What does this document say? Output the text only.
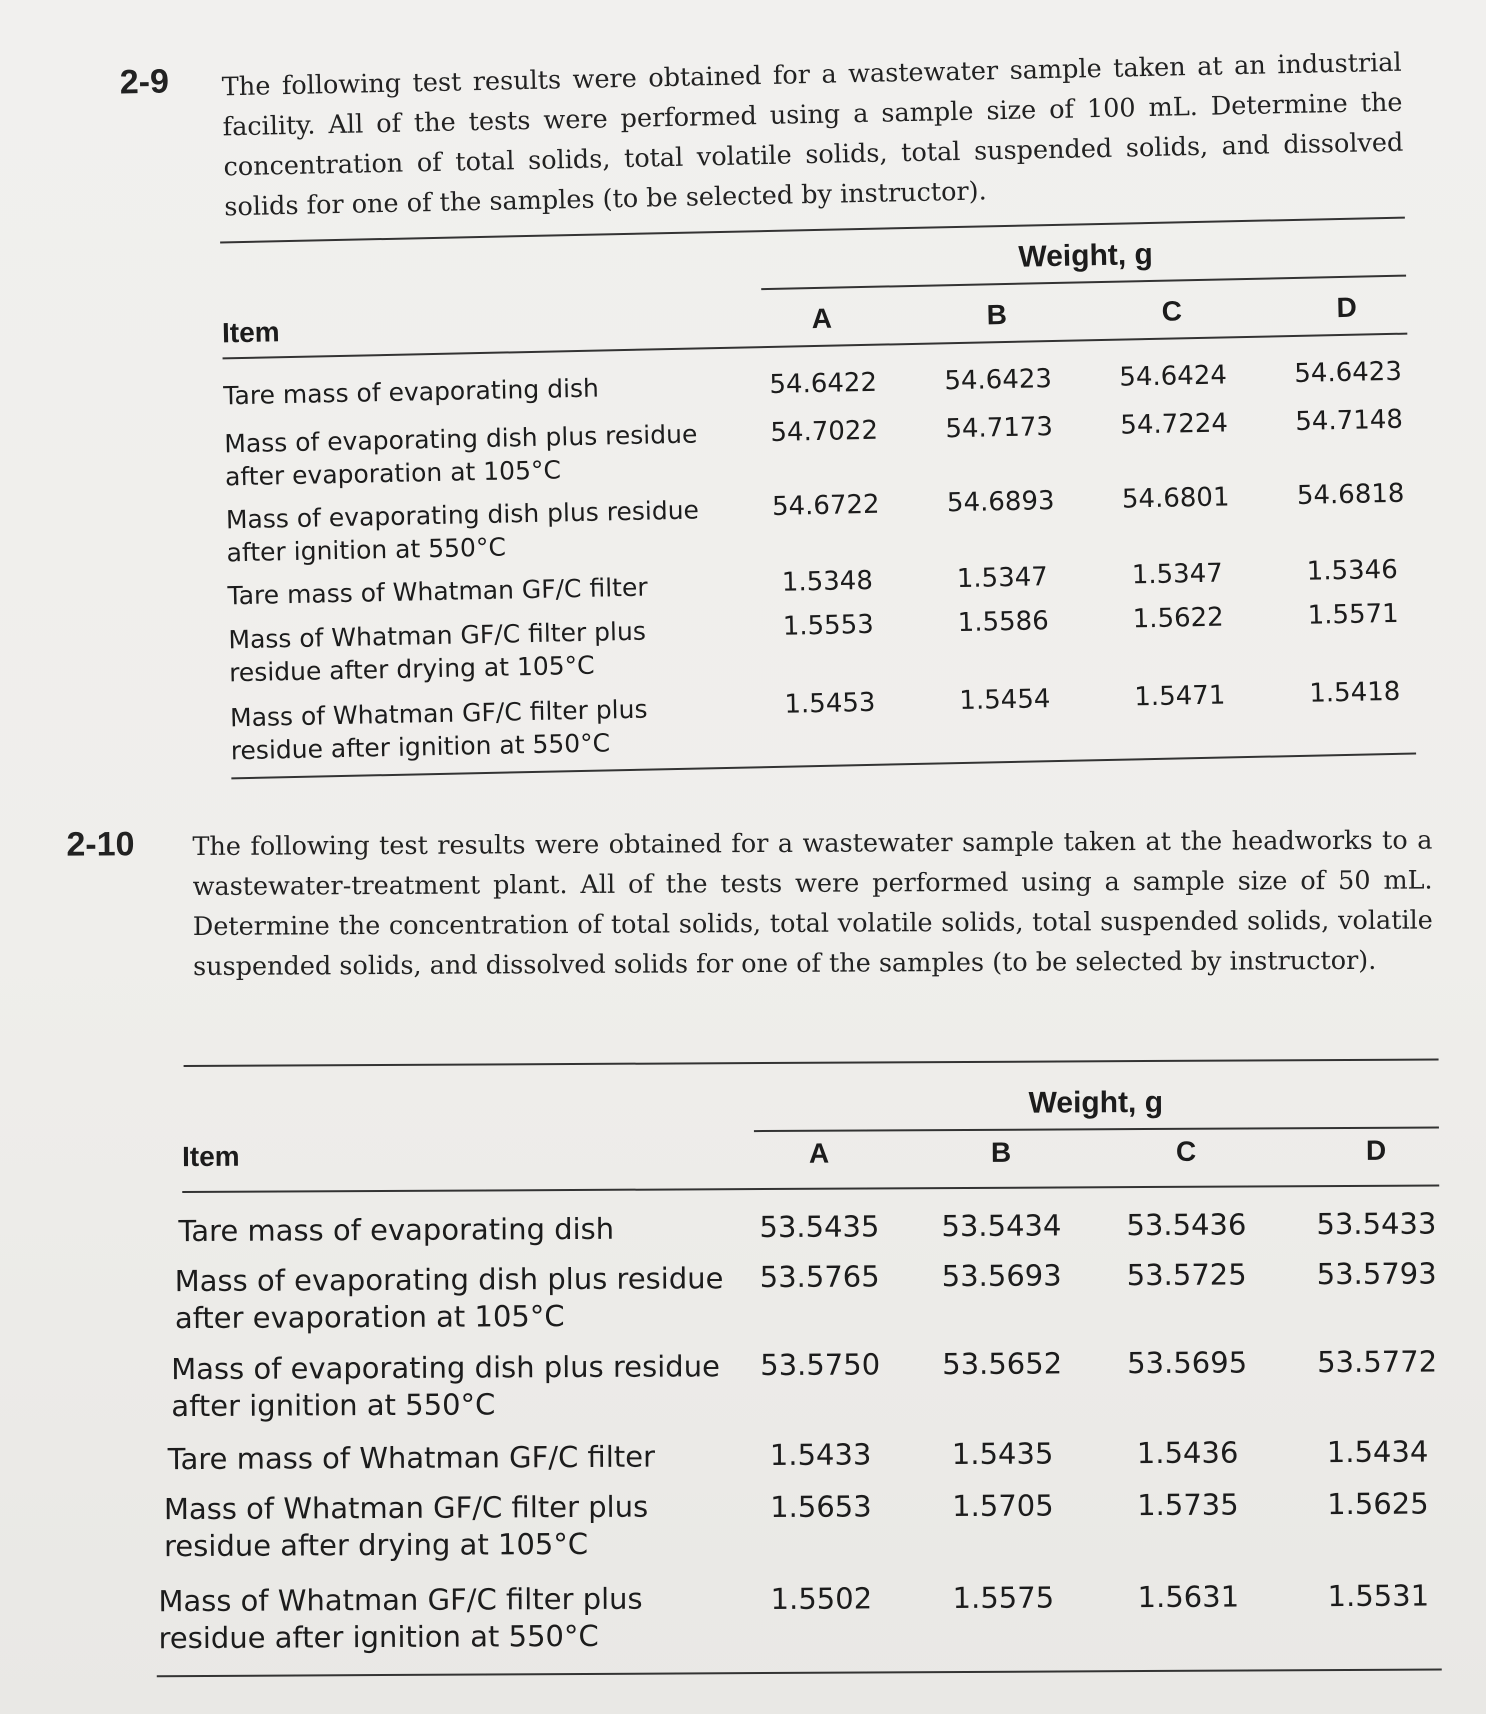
2-9 The following test results were obtained for a wastewater sample taken at an industrial facility. All of the tests were performed using a sample size of 100 mL. Determine the concentration of total solids, total volatile solids, total suspended solids, and dissolved solids for one of the samples (to be selected by instructor).
Weight, g
Item	A	B	C	D
Tare mass of evaporating dish	54.6422	54.6423	54.6424	54.6423
Mass of evaporating dish plus residue
after evaporation at 105°C
54.7022	54.7173	54.7224	54.7148
Mass of evaporating dish plus residue
after ignition at 550°C
54.6722	54.6893	54.6801	54.6818
Tare mass of Whatman GF/C filter	1.5348	1.5347	1.5347	1.5346
Mass of Whatman GF/C filter plus
residue after drying at 105°C
1.5553	1.5586	1.5622	1.5571
Mass of Whatman GF/C filter plus
residue after ignition at 550°C
1.5453	1.5454	1.5471	1.5418
2-10 The following test results were obtained for a wastewater sample taken at the headworks to a wastewater-treatment plant. All of the tests were performed using a sample size of 50 mL. Determine the concentration of total solids, total volatile solids, total suspended solids, volatile suspended solids, and dissolved solids for one of the samples (to be selected by instructor).
Weight, g
Item	A	B	C	D
Tare mass of evaporating dish	53.5435	53.5434	53.5436	53.5433
Mass of evaporating dish plus residue
after evaporation at 105°C
53.5765	53.5693	53.5725	53.5793
Mass of evaporating dish plus residue
after ignition at 550°C
53.5750	53.5652	53.5695	53.5772
Tare mass of Whatman GF/C filter	1.5433	1.5435	1.5436	1.5434
Mass of Whatman GF/C filter plus
residue after drying at 105°C
1.5653	1.5705	1.5735	1.5625
Mass of Whatman GF/C filter plus
residue after ignition at 550°C
1.5502	1.5575	1.5631	1.5531
